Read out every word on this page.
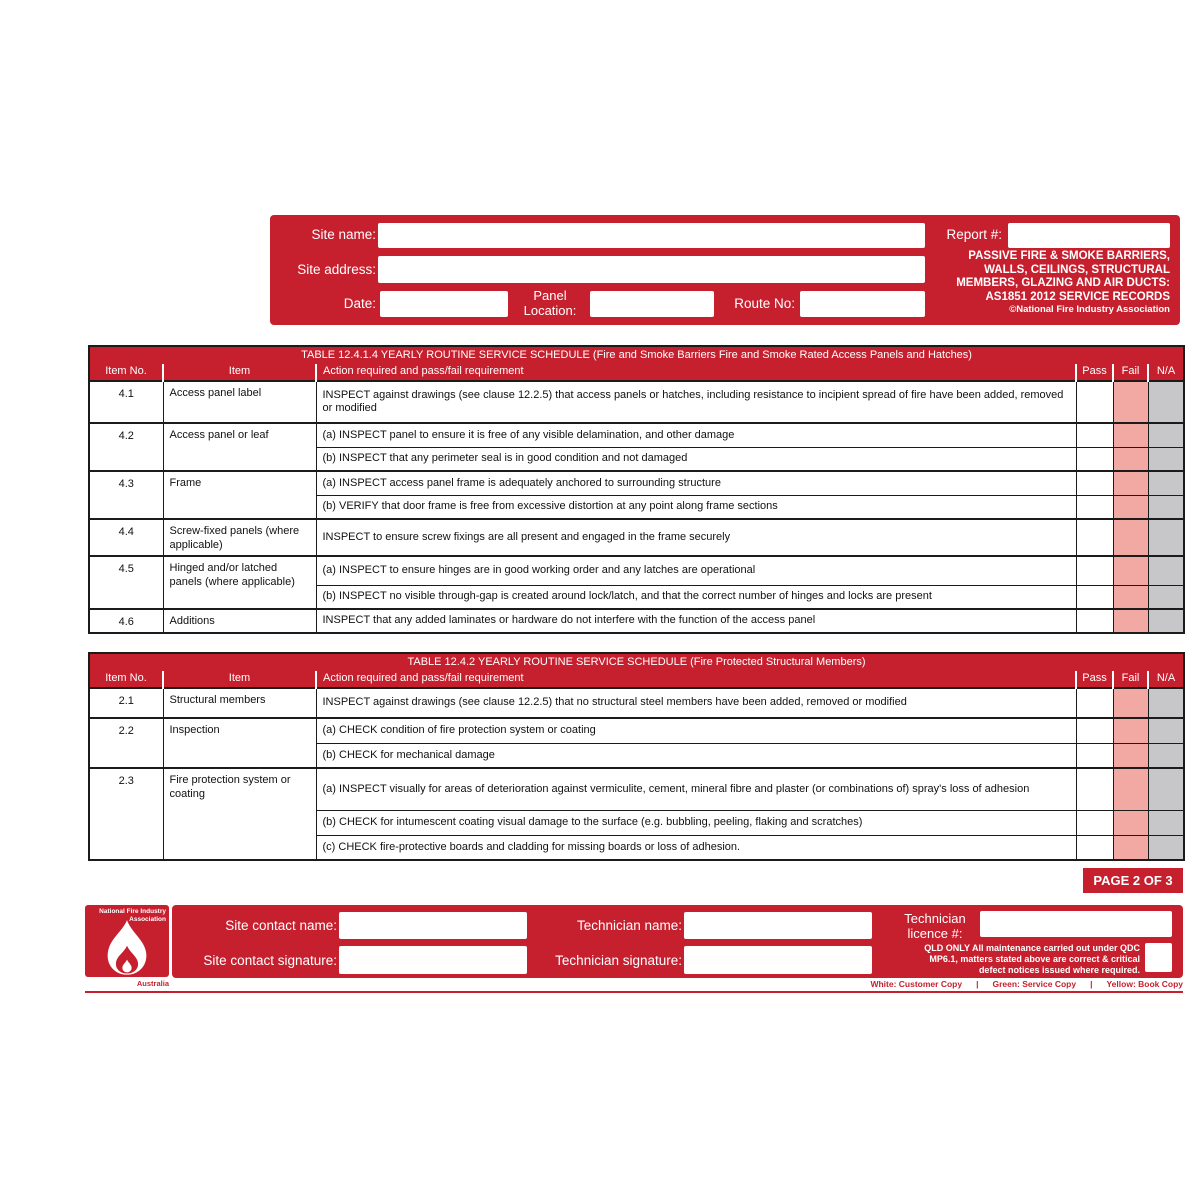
Site name:	Report #:
Site address:
PASSIVE FIRE & SMOKE BARRIERS,
WALLS, CEILINGS, STRUCTURAL
MEMBERS, GLAZING AND AIR DUCTS:
AS1851 2012 SERVICE RECORDS
©National Fire Industry Association
Date:
Panel Location:	Route No:
TABLE 12.4.1.4 YEARLY ROUTINE SERVICE SCHEDULE (Fire and Smoke Barriers Fire and Smoke Rated Access Panels and Hatches)					
Item No.	Item	Action required and pass/fail requirement	Pass	Fail	N/A
4.1	Access panel label	INSPECT against drawings (see clause 12.2.5) that access panels or hatches, including resistance to incipient spread of fire have been added, removed or modified			
4.2	Access panel or leaf	(a) INSPECT panel to ensure it is free of any visible delamination, and other damage			
		(b) INSPECT that any perimeter seal is in good condition and not damaged			
4.3	Frame	(a) INSPECT access panel frame is adequately anchored to surrounding structure			
		(b) VERIFY that door frame is free from excessive distortion at any point along frame sections			
4.4	Screw-fixed panels (where applicable)	INSPECT to ensure screw fixings are all present and engaged in the frame securely			
4.5	Hinged and/or latched panels (where applicable)	(a) INSPECT to ensure hinges are in good working order and any latches are operational			
		(b) INSPECT no visible through-gap is created around lock/latch, and that the correct number of hinges and locks are present			
4.6	Additions	INSPECT that any added laminates or hardware do not interfere with the function of the access panel			
TABLE 12.4.2 YEARLY ROUTINE SERVICE SCHEDULE (Fire Protected Structural Members)					
Item No.	Item	Action required and pass/fail requirement	Pass	Fail	N/A
2.1	Structural members	INSPECT against drawings (see clause 12.2.5) that no structural steel members have been added, removed or modified			
2.2	Inspection	(a) CHECK condition of fire protection system or coating			
		(b) CHECK for mechanical damage			
2.3	Fire protection system or coating	(a) INSPECT visually for areas of deterioration against vermiculite, cement, mineral fibre and plaster (or combinations of) spray's loss of adhesion			
		(b) CHECK for intumescent coating visual damage to the surface (e.g. bubbling, peeling, flaking and scratches)			
		(c) CHECK fire-protective boards and cladding for missing boards or loss of adhesion.			
PAGE 2 OF 3
National Fire Industry Association
Australia
Site contact name:	Technician name:	Technician licence #:
Site contact signature:	Technician signature:
QLD ONLY All maintenance carried out under QDC MP6.1, matters stated above are correct & critical defect notices issued where required.
White: Customer Copy | Green: Service Copy | Yellow: Book Copy
